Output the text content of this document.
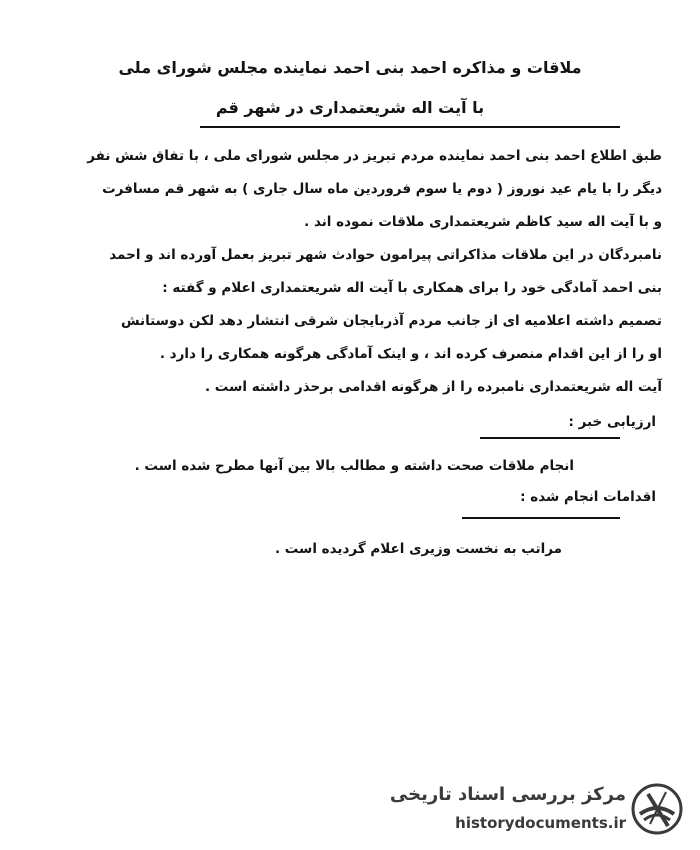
ملاقات و مذاکره احمد بنی احمد نماینده مجلس شورای ملی
با آیت اله شریعتمداری در شهر قم
طبق اطلاع احمد بنی احمد نماینده مردم تبریز در مجلس شورای ملی ، با تفاق شش نفر
دیگر را با یام عید نوروز ( دوم یا سوم فروردین ماه سال جاری ) به شهر قم مسافرت
و با آیت اله سید کاظم شریعتمداری ملاقات نموده اند .
نامبردگان در این ملاقات مذاکراتی پیرامون حوادث شهر تبریز بعمل آورده اند و احمد
بنی احمد آمادگی خود را برای همکاری با آیت اله شریعتمداری اعلام و گفته :
تصمیم داشته اعلامیه ای از جانب مردم آذربایجان شرقی انتشار دهد لکن دوستانش
او را از این اقدام منصرف کرده اند ، و اینک آمادگی هرگونه همکاری را دارد .
آیت اله شریعتمداری نامبرده را از هرگونه اقدامی برحذر داشته است .
ارزیابی خبر :
انجام ملاقات صحت داشته و مطالب بالا بین آنها مطرح شده است .
اقدامات انجام شده :
مراتب به نخست وزیری اعلام گردیده است .
مرکز بررسی اسناد تاریخی
historydocuments.ir
